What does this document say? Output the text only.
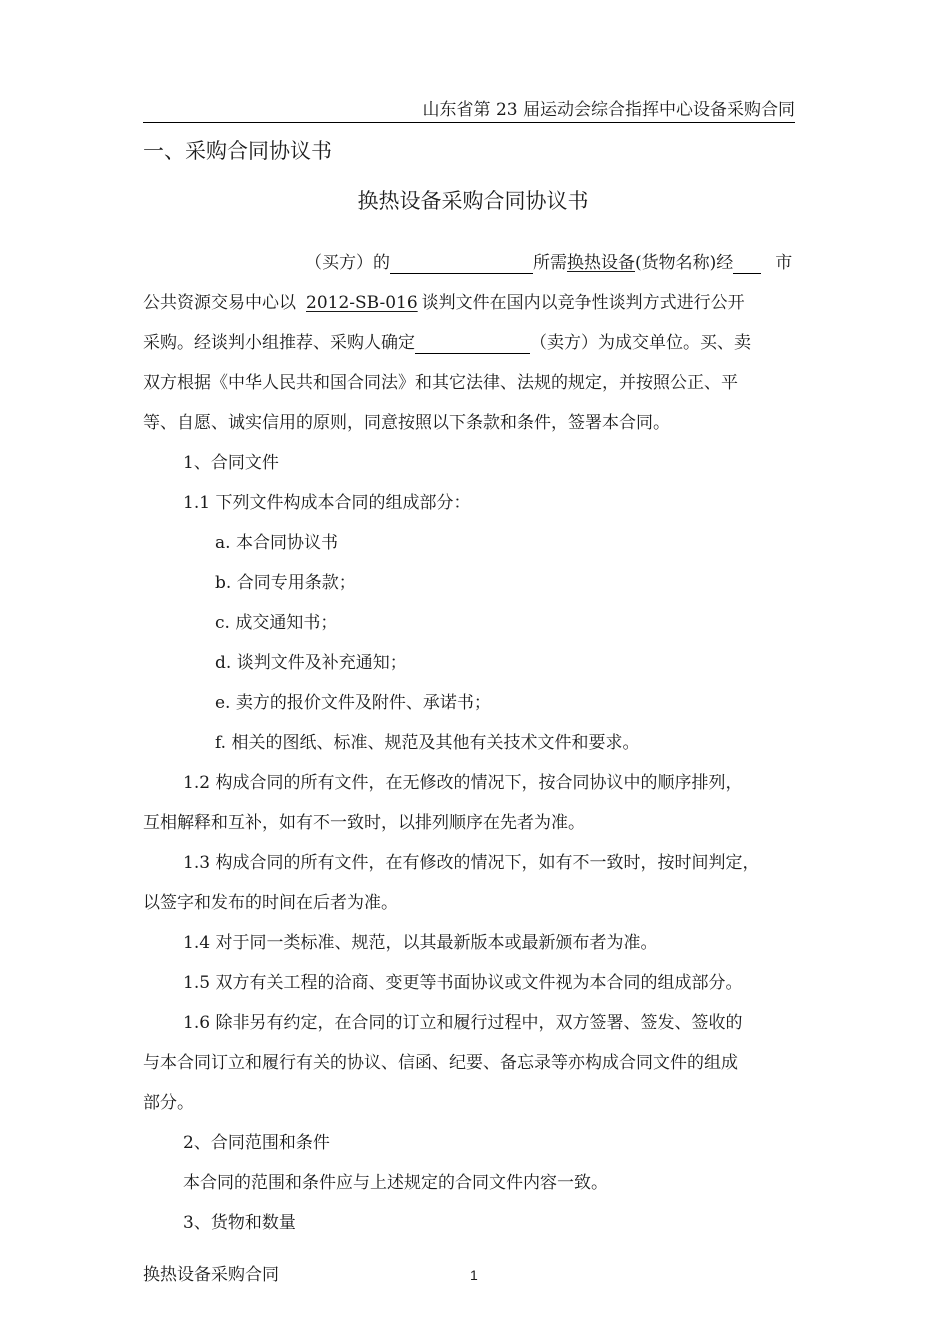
山东省第 23 届运动会综合指挥中心设备采购合同
一、采购合同协议书
换热设备采购合同协议书
（买方）的	所需换热设备(货物名称)经 市
公共资源交易中心以 2012-SB-016 谈判文件在国内以竞争性谈判方式进行公开
采购。经谈判小组推荐、采购人确定	（卖方）为成交单位。买、卖
双方根据《中华人民共和国合同法》和其它法律、法规的规定，并按照公正、平
等、自愿、诚实信用的原则，同意按照以下条款和条件，签署本合同。
1、合同文件
1.1 下列文件构成本合同的组成部分：
a. 本合同协议书
b. 合同专用条款；
c. 成交通知书；
d. 谈判文件及补充通知；
e. 卖方的报价文件及附件、承诺书；
f. 相关的图纸、标准、规范及其他有关技术文件和要求。
1.2 构成合同的所有文件，在无修改的情况下，按合同协议中的顺序排列，
互相解释和互补，如有不一致时，以排列顺序在先者为准。
1.3 构成合同的所有文件，在有修改的情况下，如有不一致时，按时间判定，
以签字和发布的时间在后者为准。
1.4 对于同一类标准、规范，以其最新版本或最新颁布者为准。
1.5 双方有关工程的洽商、变更等书面协议或文件视为本合同的组成部分。
1.6 除非另有约定，在合同的订立和履行过程中，双方签署、签发、签收的
与本合同订立和履行有关的协议、信函、纪要、备忘录等亦构成合同文件的组成
部分。
2、合同范围和条件
本合同的范围和条件应与上述规定的合同文件内容一致。
3、货物和数量
换热设备采购合同	1
